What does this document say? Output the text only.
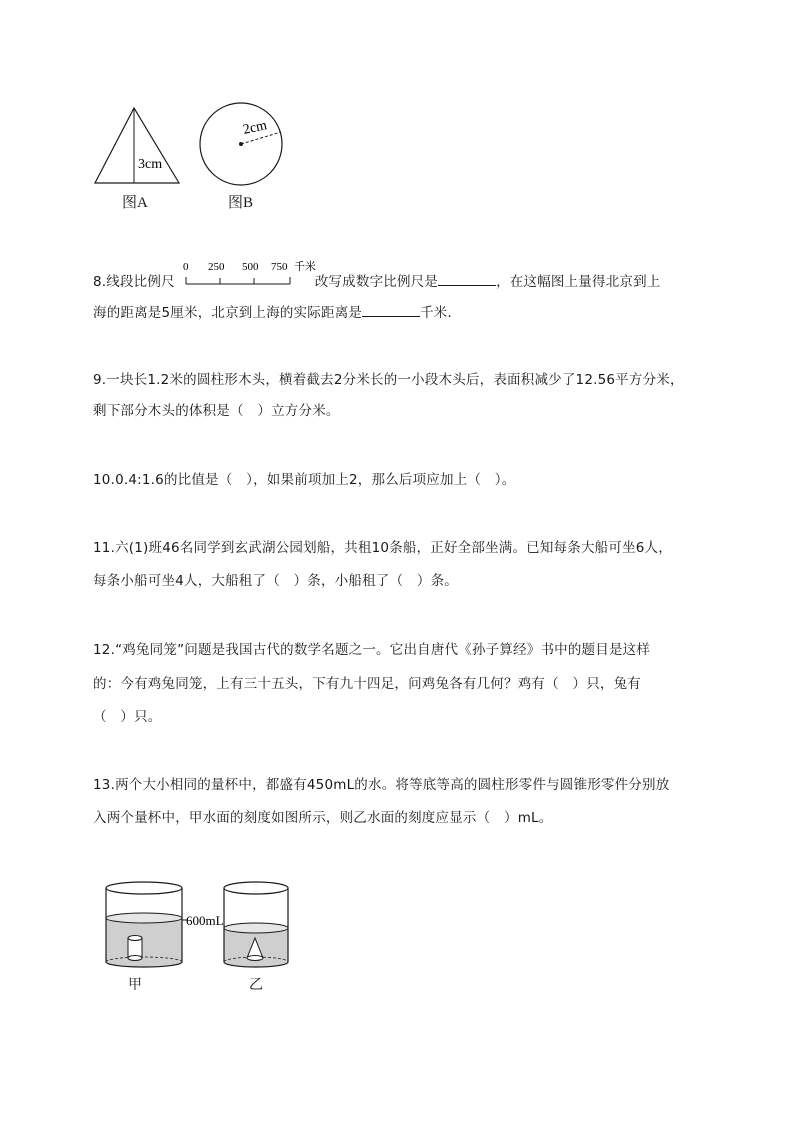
3cm
图A
2cm
图B
8.线段比例尺	改写成数字比例尺是	，在这幅图上量得北京到上
0 250 500 750 千米
海的距离是5厘米，北京到上海的实际距离是	千米．
9.一块长1.2米的圆柱形木头，横着截去2分米长的一小段木头后，表面积减少了12.56平方分米，
剩下部分木头的体积是（　）立方分米。
10.0.4:1.6的比值是（　），如果前项加上2，那么后项应加上（　）。
11.六(1)班46名同学到玄武湖公园划船，共租10条船，正好全部坐满。已知每条大船可坐6人，
每条小船可坐4人，大船租了（　）条，小船租了（　）条。
12.“鸡兔同笼”问题是我国古代的数学名题之一。它出自唐代《孙子算经》书中的题目是这样
的：今有鸡兔同笼，上有三十五头，下有九十四足，问鸡兔各有几何？鸡有（　）只，兔有
（　）只。
13.两个大小相同的量杯中，都盛有450mL的水。将等底等高的圆柱形零件与圆锥形零件分别放
入两个量杯中，甲水面的刻度如图所示，则乙水面的刻度应显示（　）mL。
600mL
甲	乙
